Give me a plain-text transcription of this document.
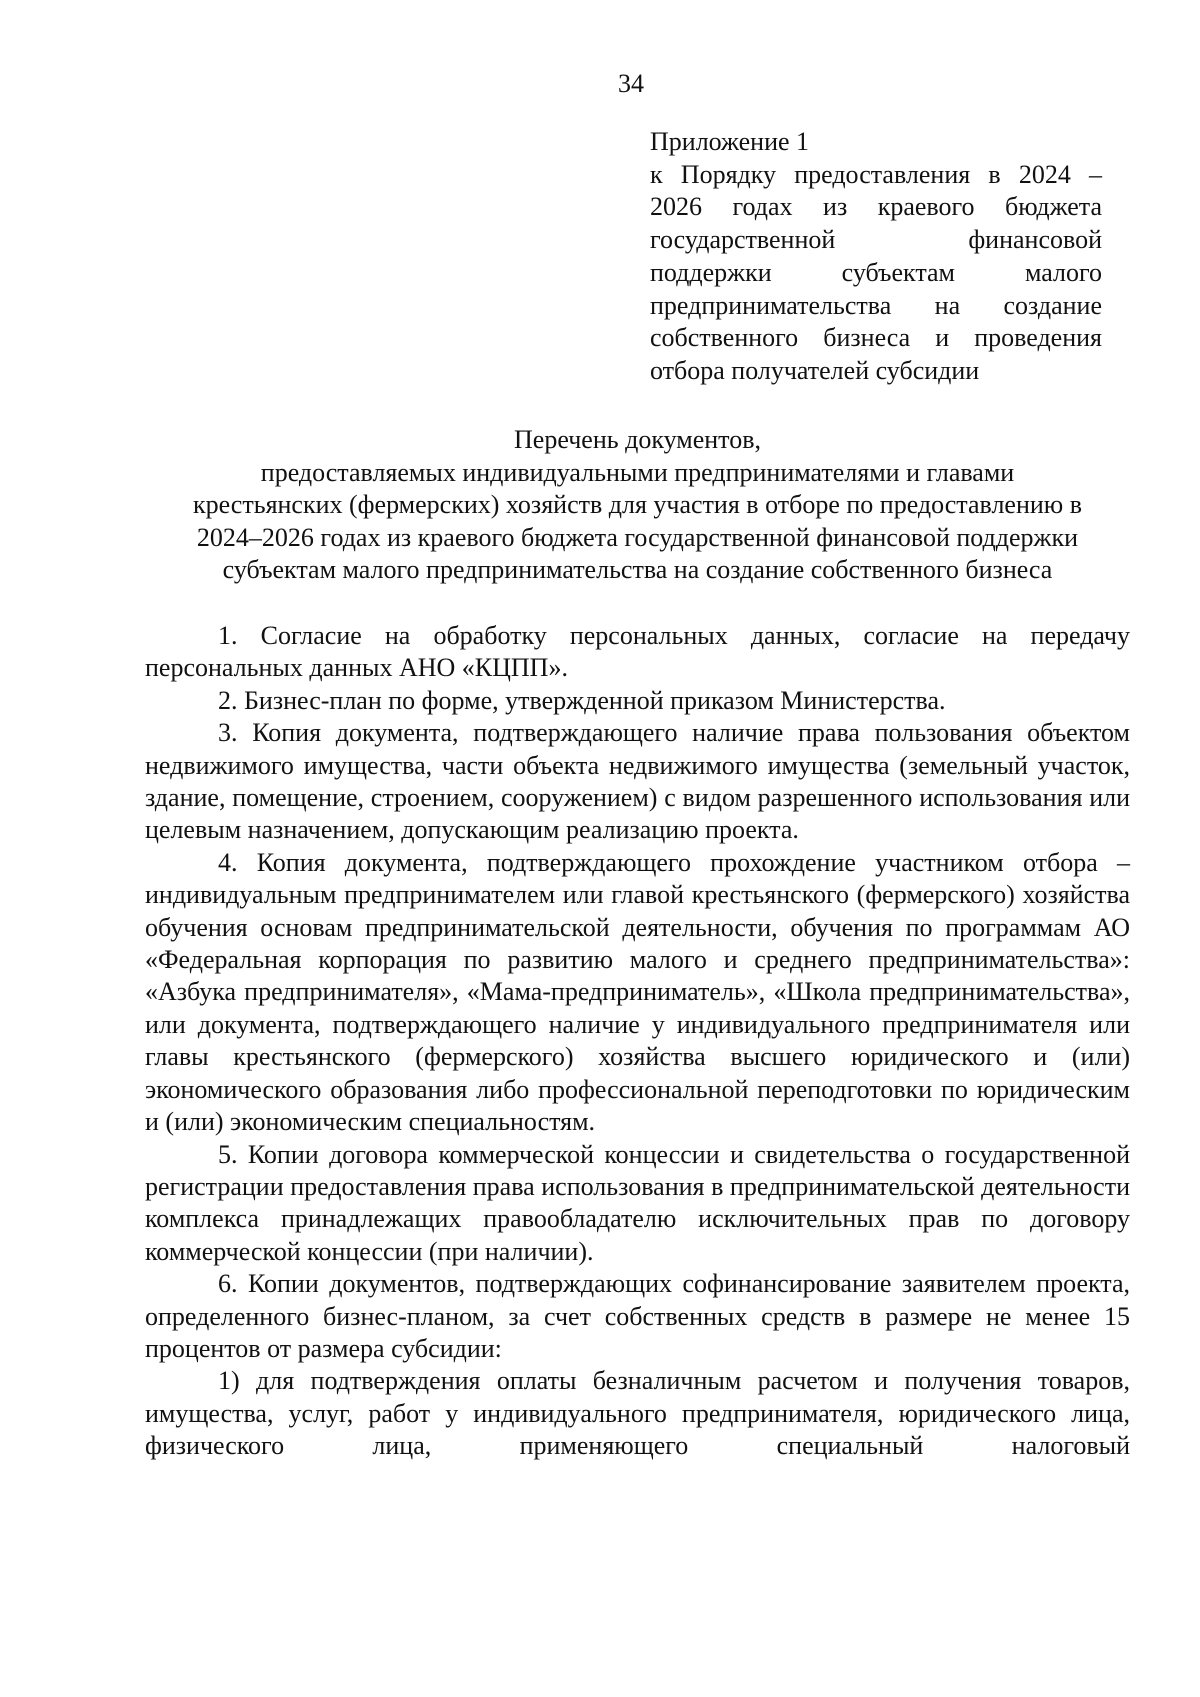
34
Приложение 1
к Порядку предоставления в 2024 – 2026 годах из краевого бюджета государственной финансовой поддержки субъектам малого предпринимательства на создание собственного бизнеса и проведения отбора получателей субсидии
Перечень документов,
предоставляемых индивидуальными предпринимателями и главами
крестьянских (фермерских) хозяйств для участия в отборе по предоставлению в
2024–2026 годах из краевого бюджета государственной финансовой поддержки
субъектам малого предпринимательства на создание собственного бизнеса

1. Согласие на обработку персональных данных, согласие на передачу персональных данных АНО «КЦПП».

2. Бизнес-план по форме, утвержденной приказом Министерства.

3. Копия документа, подтверждающего наличие права пользования объектом недвижимого имущества, части объекта недвижимого имущества (земельный участок, здание, помещение, строением, сооружением) с видом разрешенного использования или целевым назначением, допускающим реализацию проекта.

4. Копия документа, подтверждающего прохождение участником отбора – индивидуальным предпринимателем или главой крестьянского (фермерского) хозяйства обучения основам предпринимательской деятельности, обучения по программам АО «Федеральная корпорация по развитию малого и среднего предпринимательства»: «Азбука предпринимателя», «Мама-предприниматель», «Школа предпринимательства», или документа, подтверждающего наличие у индивидуального предпринимателя или главы крестьянского (фермерского) хозяйства высшего юридического и (или) экономического образования либо профессиональной переподготовки по юридическим и (или) экономическим специальностям.

5. Копии договора коммерческой концессии и свидетельства о государственной регистрации предоставления права использования в предпринимательской деятельности комплекса принадлежащих правообладателю исключительных прав по договору коммерческой концессии (при наличии).

6. Копии документов, подтверждающих софинансирование заявителем проекта, определенного бизнес-планом, за счет собственных средств в размере не менее 15 процентов от размера субсидии:

1) для подтверждения оплаты безналичным расчетом и получения товаров, имущества, услуг, работ у индивидуального предпринимателя, юридического лица, физического лица, применяющего специальный налоговый
